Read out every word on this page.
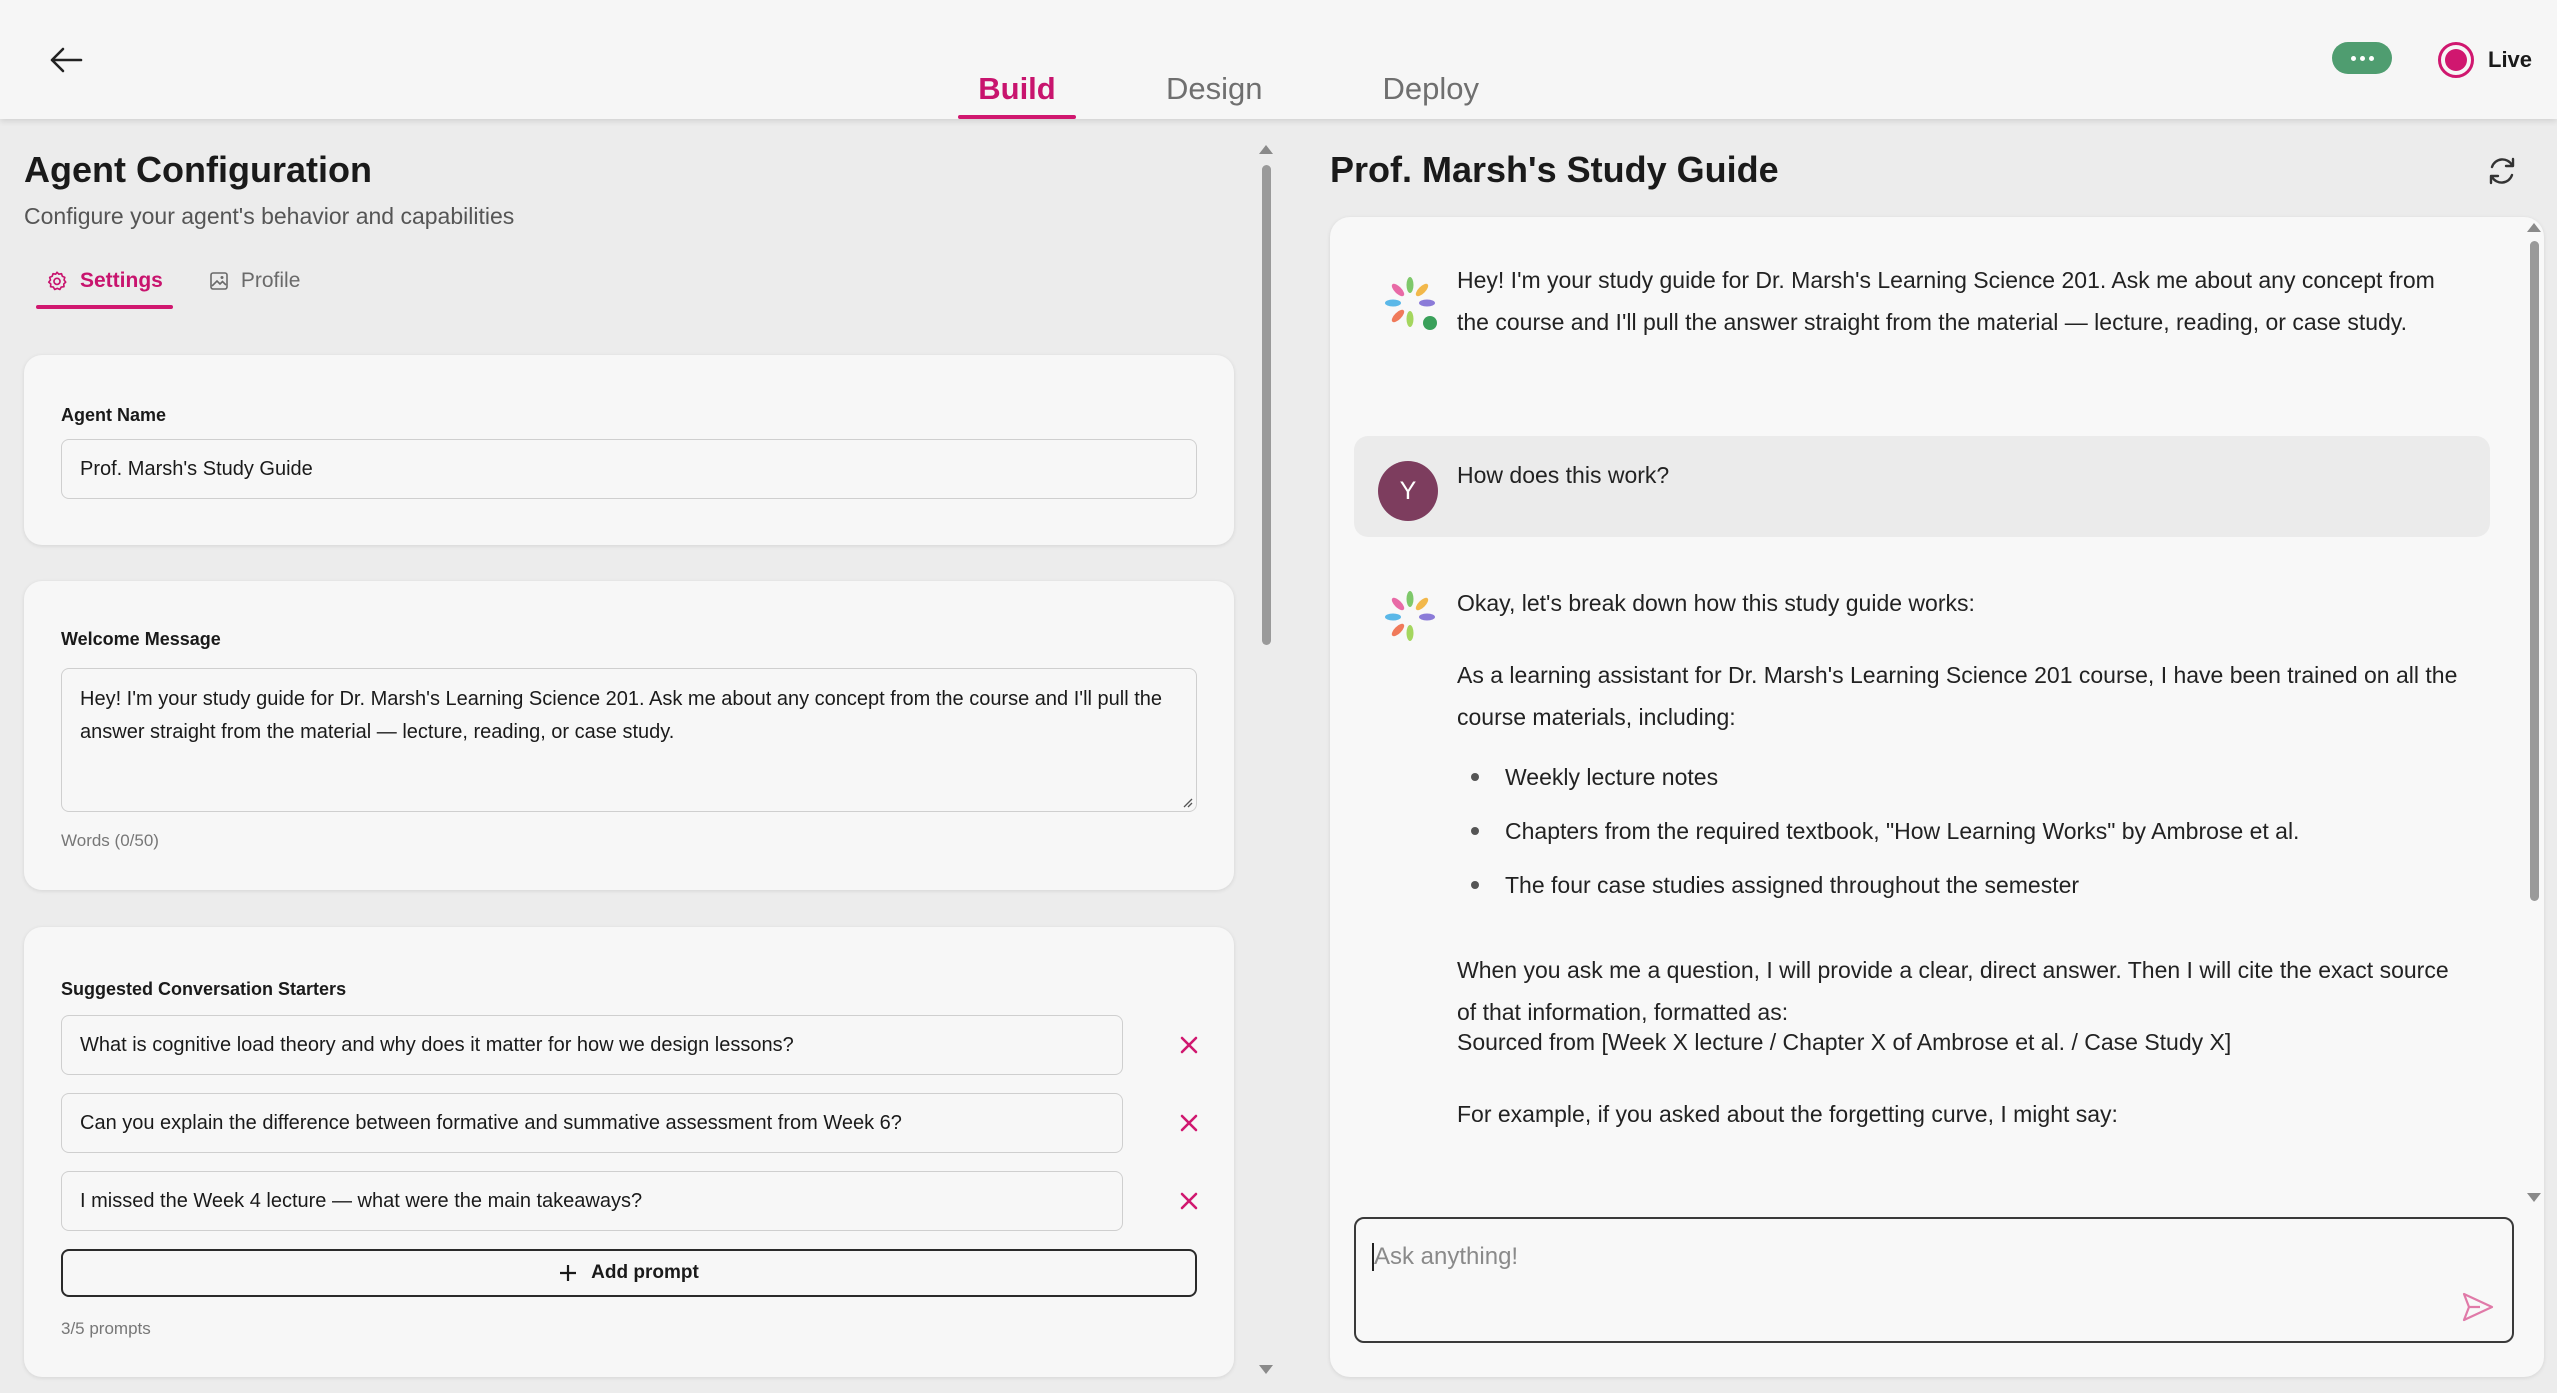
Build	Design	Deploy
Live
Agent Configuration
Configure your agent's behavior and capabilities
Settings	Profile
Agent Name
Prof. Marsh's Study Guide
Welcome Message
Hey! I'm your study guide for Dr. Marsh's Learning Science 201. Ask me about any concept from the course and I'll pull the answer straight from the material — lecture, reading, or case study.
Words (0/50)
Suggested Conversation Starters
What is cognitive load theory and why does it matter for how we design lessons?
Can you explain the difference between formative and summative assessment from Week 6?
I missed the Week 4 lecture — what were the main takeaways?
Add prompt
3/5 prompts
Prof. Marsh's Study Guide
Hey! I'm your study guide for Dr. Marsh's Learning Science 201. Ask me about any concept from the course and I'll pull the answer straight from the material — lecture, reading, or case study.
Y
How does this work?
Okay, let's break down how this study guide works:
As a learning assistant for Dr. Marsh's Learning Science 201 course, I have been trained on all the course materials, including:
Weekly lecture notes
Chapters from the required textbook, "How Learning Works" by Ambrose et al.
The four case studies assigned throughout the semester
When you ask me a question, I will provide a clear, direct answer. Then I will cite the exact source of that information, formatted as:
Sourced from [Week X lecture / Chapter X of Ambrose et al. / Case Study X]
For example, if you asked about the forgetting curve, I might say:
Ask anything!
